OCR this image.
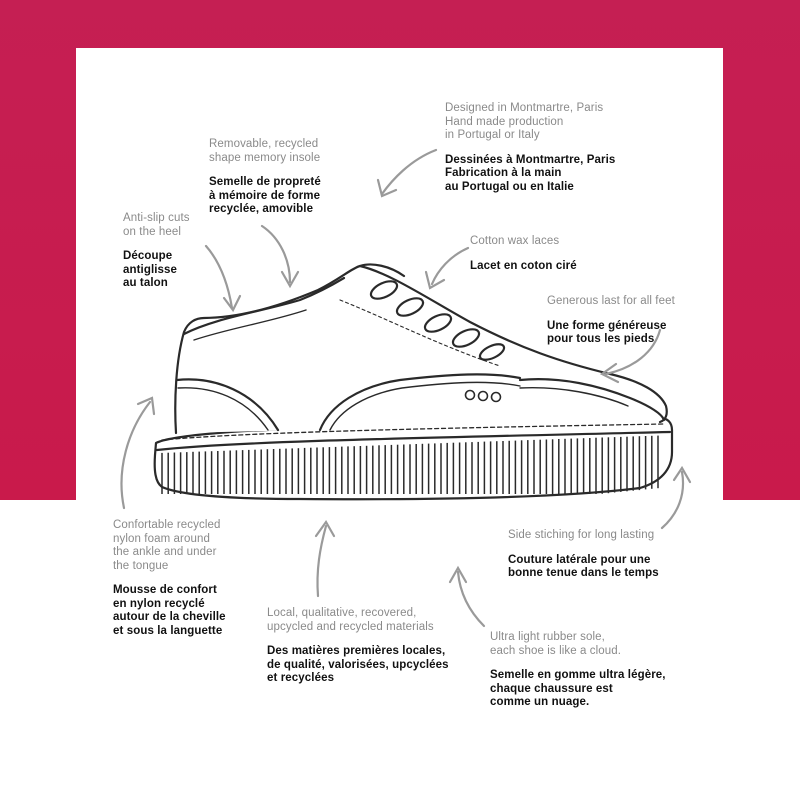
Designed in Montmartre, Paris
Hand made production
in Portugal or Italy
Dessinées à Montmartre, Paris
Fabrication à la main
au Portugal ou en Italie
Removable, recycled
shape memory insole
Semelle de propreté
à mémoire de forme
recyclée, amovible
Anti-slip cuts
on the heel
Découpe
antiglisse
au talon
Cotton wax laces
Lacet en coton ciré
Generous last for all feet
Une forme généreuse
pour tous les pieds
Confortable recycled
nylon foam around
the ankle and under
the tongue
Mousse de confort
en nylon recyclé
autour de la cheville
et sous la languette
Side stiching for long lasting
Couture latérale pour une
bonne tenue dans le temps
Local, qualitative, recovered,
upcycled and recycled materials
Des matières premières locales,
de qualité, valorisées, upcyclées
et recyclées
Ultra light rubber sole,
each shoe is like a cloud.
Semelle en gomme ultra légère,
chaque chaussure est
comme un nuage.
